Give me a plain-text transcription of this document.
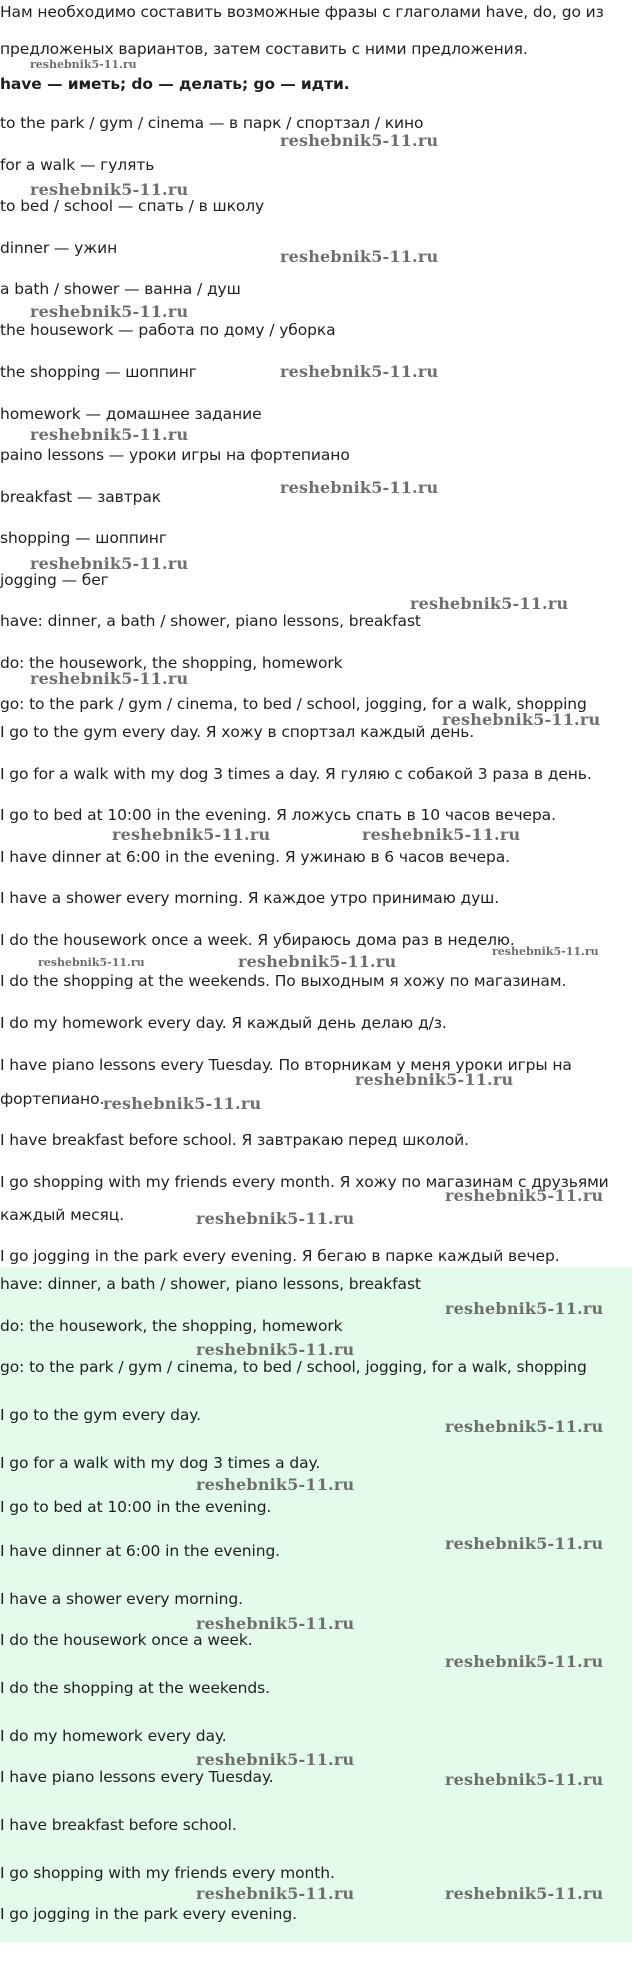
Нам необходимо составить возможные фразы с глаголами have, do, go из

предложеных вариантов, затем составить с ними предложения.

have — иметь; do — делать; go — идти.

to the park / gym / cinema — в парк / спортзал / кино

for a walk — гулять

to bed / school — спать / в школу

dinner — ужин

a bath / shower — ванна / душ

the housework — работа по дому / уборка

the shopping — шоппинг

homework — домашнее задание

paino lessons — уроки игры на фортепиано

breakfast — завтрак

shopping — шоппинг

jogging — бег

have: dinner, a bath / shower, piano lessons, breakfast

do: the housework, the shopping, homework

go: to the park / gym / cinema, to bed / school, jogging, for a walk, shopping

I go to the gym every day. Я хожу в спортзал каждый день.

I go for a walk with my dog 3 times a day. Я гуляю с собакой 3 раза в день.

I go to bed at 10:00 in the evening. Я ложусь спать в 10 часов вечера.

I have dinner at 6:00 in the evening. Я ужинаю в 6 часов вечера.

I have a shower every morning. Я каждое утро принимаю душ.

I do the housework once a week. Я убираюсь дома раз в неделю.

I do the shopping at the weekends. По выходным я хожу по магазинам.

I do my homework every day. Я каждый день делаю д/з.

I have piano lessons every Tuesday. По вторникам у меня уроки игры на

фортепиано.

I have breakfast before school. Я завтракаю перед школой.

I go shopping with my friends every month. Я хожу по магазинам с друзьями

каждый месяц.

I go jogging in the park every evening. Я бегаю в парке каждый вечер.

have: dinner, a bath / shower, piano lessons, breakfast

do: the housework, the shopping, homework

go: to the park / gym / cinema, to bed / school, jogging, for a walk, shopping

I go to the gym every day.

I go for a walk with my dog 3 times a day.

I go to bed at 10:00 in the evening.

I have dinner at 6:00 in the evening.

I have a shower every morning.

I do the housework once a week.

I do the shopping at the weekends.

I do my homework every day.

I have piano lessons every Tuesday.

I have breakfast before school.

I go shopping with my friends every month.

I go jogging in the park every evening.

reshebnik5-11.ru
reshebnik5-11.ru
reshebnik5-11.ru
reshebnik5-11.ru
reshebnik5-11.ru
reshebnik5-11.ru
reshebnik5-11.ru
reshebnik5-11.ru
reshebnik5-11.ru
reshebnik5-11.ru
reshebnik5-11.ru
reshebnik5-11.ru
reshebnik5-11.ru	reshebnik5-11.ru
reshebnik5-11.ru
reshebnik5-11.ru	reshebnik5-11.ru
reshebnik5-11.ru
reshebnik5-11.ru
reshebnik5-11.ru
reshebnik5-11.ru
reshebnik5-11.ru
reshebnik5-11.ru
reshebnik5-11.ru
reshebnik5-11.ru
reshebnik5-11.ru
reshebnik5-11.ru
reshebnik5-11.ru
reshebnik5-11.ru
reshebnik5-11.ru
reshebnik5-11.ru	reshebnik5-11.ru
